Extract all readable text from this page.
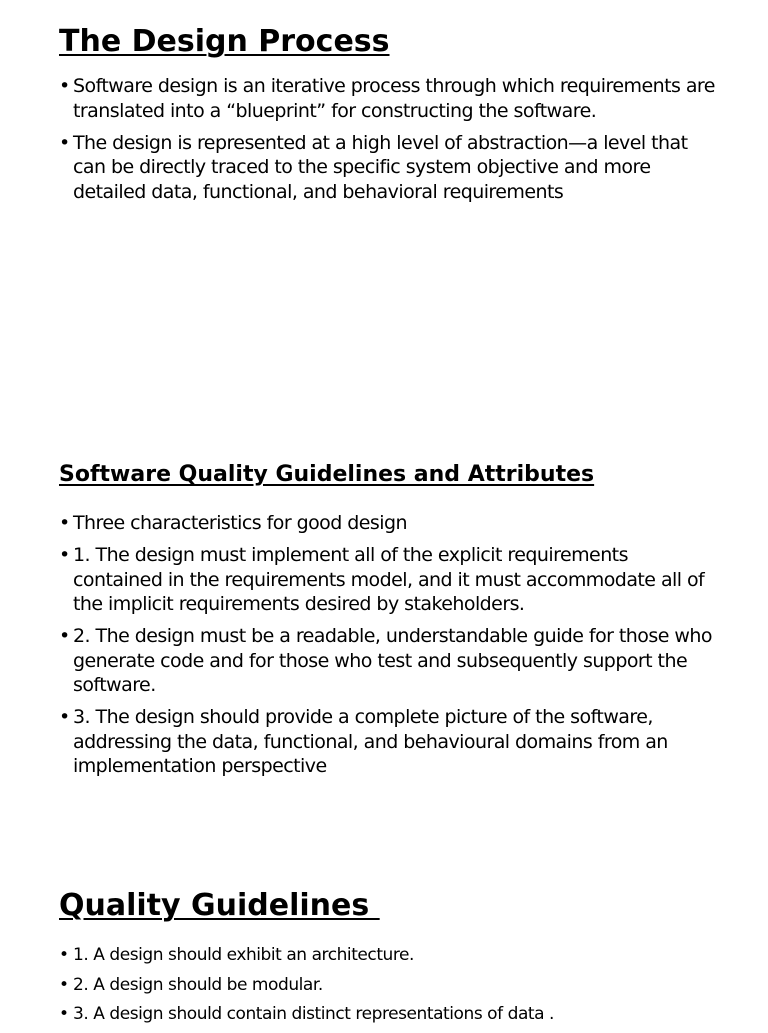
The Design Process
• Software design is an iterative process through which requirements are translated into a “blueprint” for constructing the software.
• The design is represented at a high level of abstraction—a level that can be directly traced to the specific system objective and more detailed data, functional, and behavioral requirements
Software Quality Guidelines and Attributes
• Three characteristics for good design
• 1. The design must implement all of the explicit requirements contained in the requirements model, and it must accommodate all of the implicit requirements desired by stakeholders.
• 2. The design must be a readable, understandable guide for those who generate code and for those who test and subsequently support the software.
• 3. The design should provide a complete picture of the software, addressing the data, functional, and behavioural domains from an implementation perspective
Quality Guidelines
• 1. A design should exhibit an architecture.
• 2. A design should be modular.
• 3. A design should contain distinct representations of data .
